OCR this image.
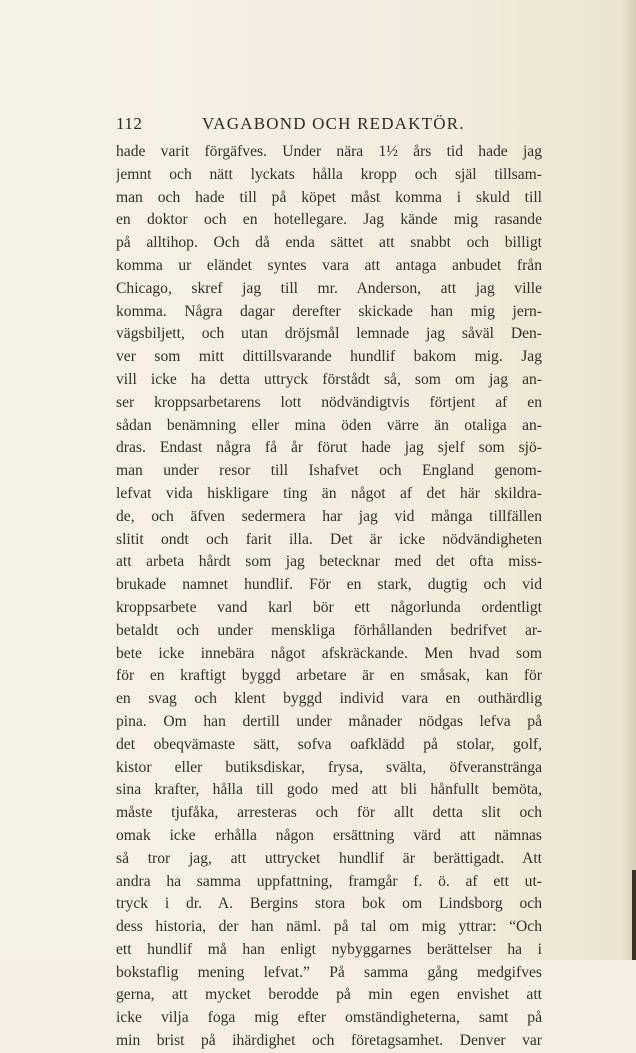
112	VAGABOND OCH REDAKTÖR.
hade varit förgäfves. Under nära 1½ års tid hade jag
jemnt och nätt lyckats hålla kropp och själ tillsam-
man och hade till på köpet måst komma i skuld till
en doktor och en hotellegare. Jag kände mig rasande
på alltihop. Och då enda sättet att snabbt och billigt
komma ur eländet syntes vara att antaga anbudet från
Chicago, skref jag till mr. Anderson, att jag ville
komma. Några dagar derefter skickade han mig jern-
vägsbiljett, och utan dröjsmål lemnade jag såväl Den-
ver som mitt dittillsvarande hundlif bakom mig. Jag
vill icke ha detta uttryck förstådt så, som om jag an-
ser kroppsarbetarens lott nödvändigtvis förtjent af en
sådan benämning eller mina öden värre än otaliga an-
dras. Endast några få år förut hade jag sjelf som sjö-
man under resor till Ishafvet och England genom-
lefvat vida hiskligare ting än något af det här skildra-
de, och äfven sedermera har jag vid många tillfällen
slitit ondt och farit illa. Det är icke nödvändigheten
att arbeta hårdt som jag betecknar med det ofta miss-
brukade namnet hundlif. För en stark, dugtig och vid
kroppsarbete vand karl bör ett någorlunda ordentligt
betaldt och under menskliga förhållanden bedrifvet ar-
bete icke innebära något afskräckande. Men hvad som
för en kraftigt byggd arbetare är en småsak, kan för
en svag och klent byggd individ vara en outhärdlig
pina. Om han dertill under månader nödgas lefva på
det obeqvämaste sätt, sofva oafklädd på stolar, golf,
kistor eller butiksdiskar, frysa, svälta, öfveranstränga
sina krafter, hålla till godo med att bli hånfullt bemöta,
måste tjufåka, arresteras och för allt detta slit och
omak icke erhålla någon ersättning värd att nämnas
så tror jag, att uttrycket hundlif är berättigadt. Att
andra ha samma uppfattning, framgår f. ö. af ett ut-
tryck i dr. A. Bergins stora bok om Lindsborg och
dess historia, der han näml. på tal om mig yttrar: “Och
ett hundlif må han enligt nybyggarnes berättelser ha i
bokstaflig mening lefvat.” På samma gång medgifves
gerna, att mycket berodde på min egen envishet att
icke vilja foga mig efter omständigheterna, samt på
min brist på ihärdighet och företagsamhet. Denver var
